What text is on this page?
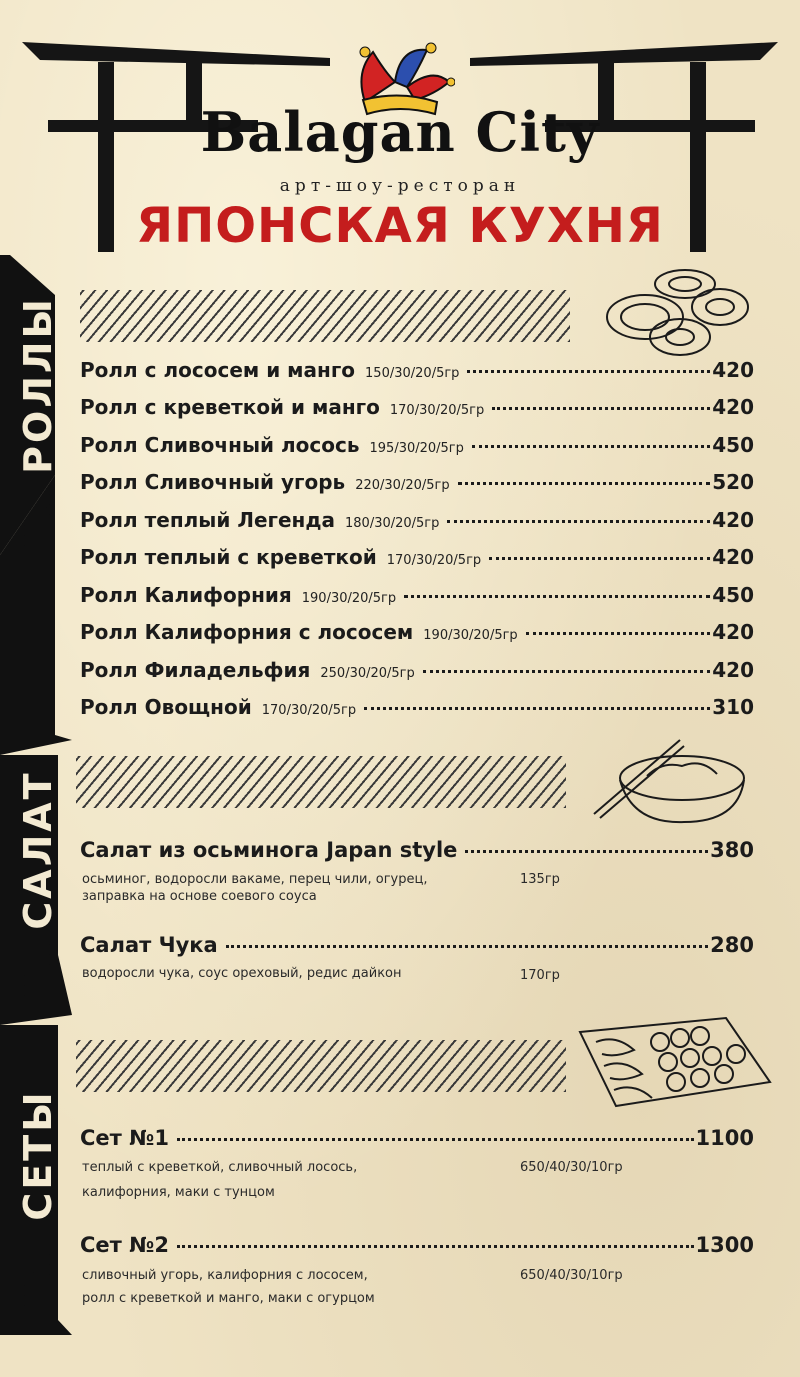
Balagan City
арт-шоу-ресторан
ЯПОНСКАЯ КУХНЯ
РОЛЛЫ
САЛАТ
СЕТЫ
Ролл с лососем и манго 150/30/20/5гр	420
Ролл с креветкой и манго 170/30/20/5гр	420
Ролл Сливочный лосось 195/30/20/5гр	450
Ролл Сливочный угорь 220/30/20/5гр	520
Ролл теплый Легенда 180/30/20/5гр	420
Ролл теплый с креветкой 170/30/20/5гр	420
Ролл Калифорния 190/30/20/5гр	450
Ролл Калифорния с лососем 190/30/20/5гр	420
Ролл Филадельфия 250/30/20/5гр	420
Ролл Овощной 170/30/20/5гр	310
Салат из осьминога Japan style	380
осьминог, водоросли вакаме, перец чили, огурец,
заправка на основе соевого соуса
135гр
Салат Чука	280
водоросли чука, соус ореховый, редис дайкон	170гр
Сет №1	1100
теплый с креветкой, сливочный лосось,
калифорния, маки с тунцом
650/40/30/10гр
Сет №2	1300
сливочный угорь, калифорния с лососем,
ролл с креветкой и манго, маки с огурцом
650/40/30/10гр
